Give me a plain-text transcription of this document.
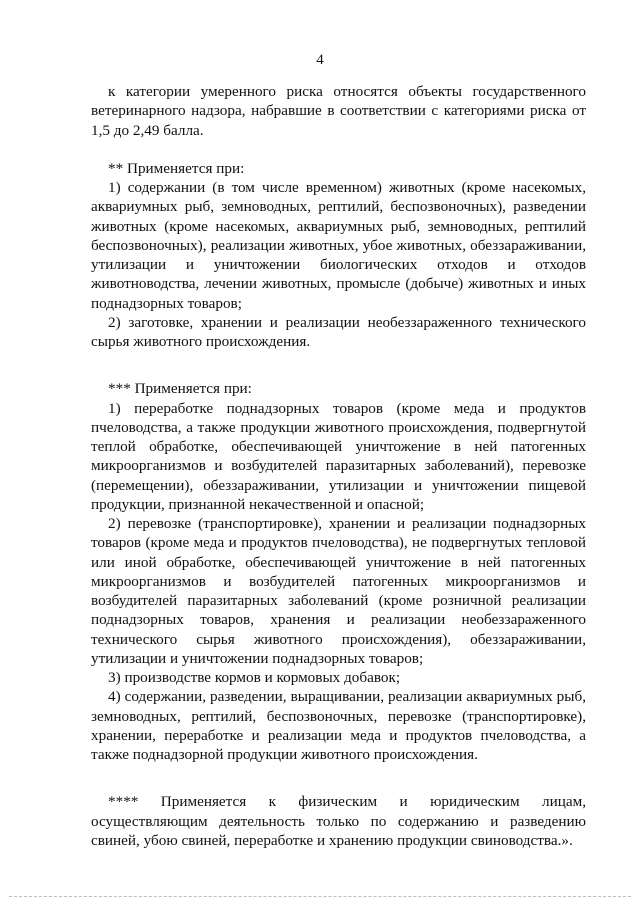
4

к категории умеренного риска относятся объекты государственного ветеринарного надзора, набравшие в соответствии с категориями риска от 1,5 до 2,49 балла.

** Применяется при:

1) содержании (в том числе временном) животных (кроме насекомых, аквариумных рыб, земноводных, рептилий, беспозвоночных), разведении животных (кроме насекомых, аквариумных рыб, земноводных, рептилий беспозвоночных), реализации животных, убое животных, обеззараживании, утилизации и уничтожении биологических отходов и отходов животноводства, лечении животных, промысле (добыче) животных и иных поднадзорных товаров;

2) заготовке, хранении и реализации необеззараженного технического сырья животного происхождения.

*** Применяется при:

1) переработке поднадзорных товаров (кроме меда и продуктов пчеловодства, а также продукции животного происхождения, подвергнутой теплой обработке, обеспечивающей уничтожение в ней патогенных микроорганизмов и возбудителей паразитарных заболеваний), перевозке (перемещении), обеззараживании, утилизации и уничтожении пищевой продукции, признанной некачественной и опасной;

2) перевозке (транспортировке), хранении и реализации поднадзорных товаров (кроме меда и продуктов пчеловодства), не подвергнутых тепловой или иной обработке, обеспечивающей уничтожение в ней патогенных микроорганизмов и возбудителей патогенных микроорганизмов и возбудителей паразитарных заболеваний (кроме розничной реализации поднадзорных товаров, хранения и реализации необеззараженного технического сырья животного происхождения), обеззараживании, утилизации и уничтожении поднадзорных товаров;

3) производстве кормов и кормовых добавок;

4) содержании, разведении, выращивании, реализации аквариумных рыб, земноводных, рептилий, беспозвоночных, перевозке (транспортировке), хранении, переработке и реализации меда и продуктов пчеловодства, а также поднадзорной продукции животного происхождения.

**** Применяется к физическим и юридическим лицам, осуществляющим деятельность только по содержанию и разведению свиней, убою свиней, переработке и хранению продукции свиноводства.».
